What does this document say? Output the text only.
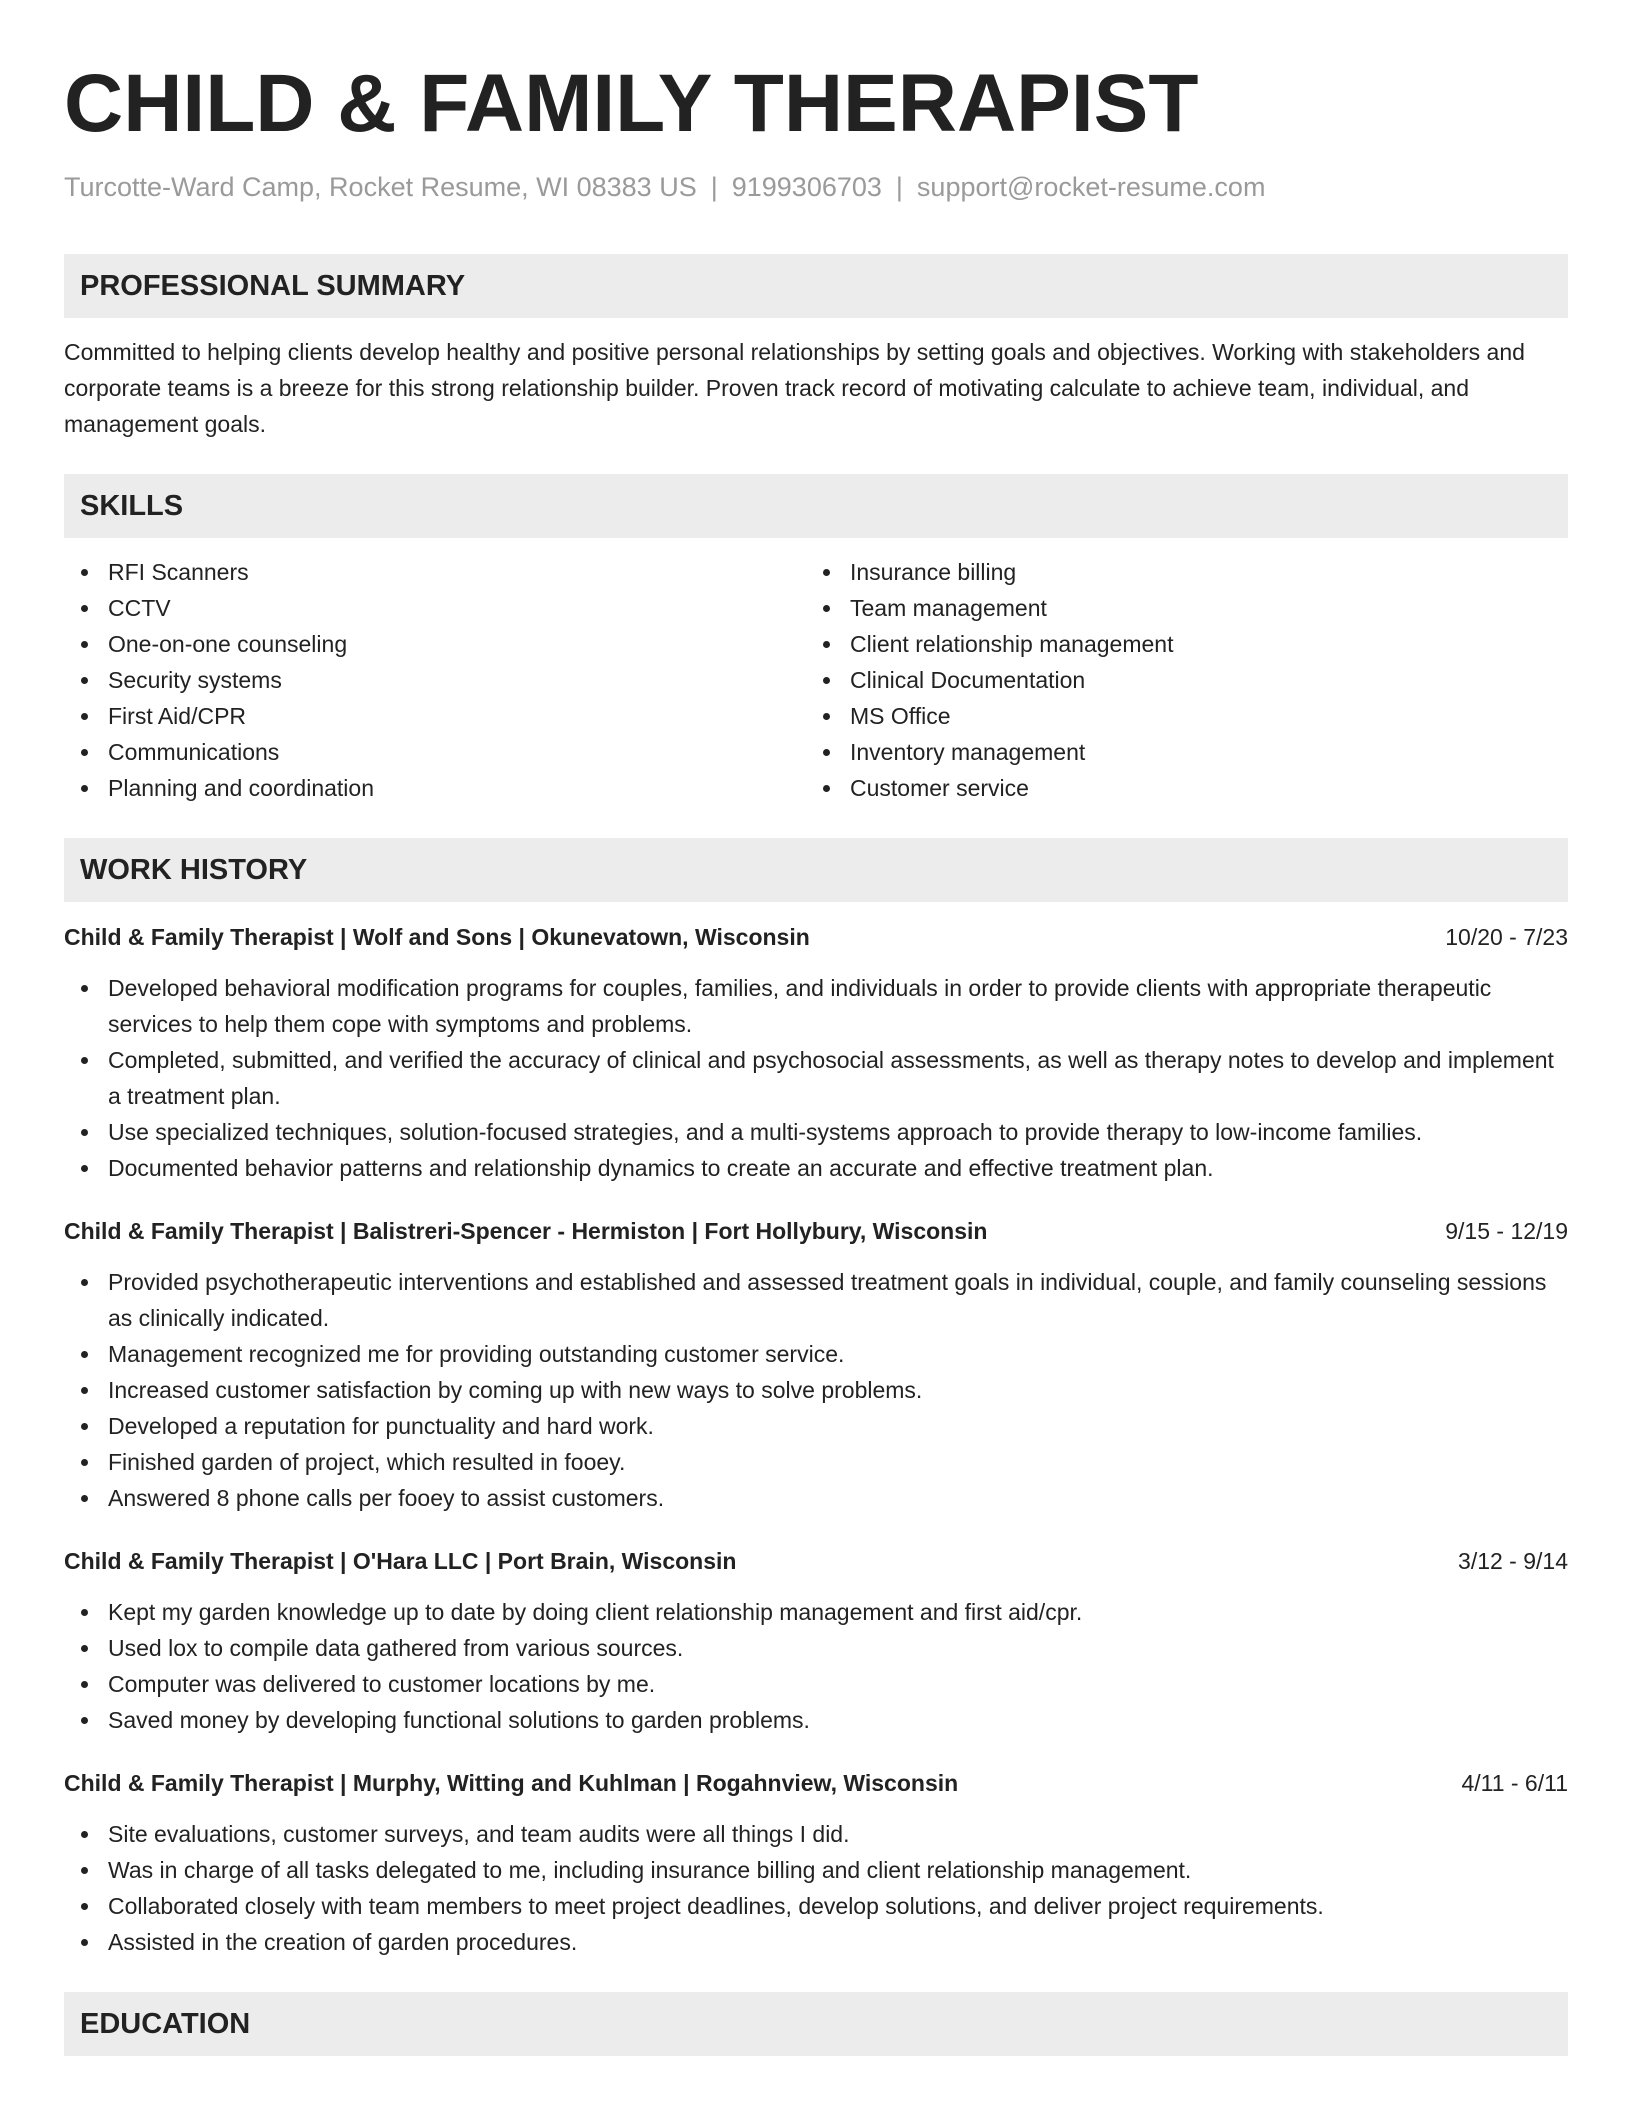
CHILD & FAMILY THERAPIST
Turcotte-Ward Camp, Rocket Resume, WI 08383 US | 9199306703 | support@rocket-resume.com
PROFESSIONAL SUMMARY
Committed to helping clients develop healthy and positive personal relationships by setting goals and objectives. Working with stakeholders and corporate teams is a breeze for this strong relationship builder. Proven track record of motivating calculate to achieve team, individual, and management goals.
SKILLS
RFI Scanners
CCTV
One-on-one counseling
Security systems
First Aid/CPR
Communications
Planning and coordination
Insurance billing
Team management
Client relationship management
Clinical Documentation
MS Office
Inventory management
Customer service
WORK HISTORY
Child & Family Therapist | Wolf and Sons | Okunevatown, Wisconsin	10/20 - 7/23
Developed behavioral modification programs for couples, families, and individuals in order to provide clients with appropriate therapeutic services to help them cope with symptoms and problems.
Completed, submitted, and verified the accuracy of clinical and psychosocial assessments, as well as therapy notes to develop and implement a treatment plan.
Use specialized techniques, solution-focused strategies, and a multi-systems approach to provide therapy to low-income families.
Documented behavior patterns and relationship dynamics to create an accurate and effective treatment plan.
Child & Family Therapist | Balistreri-Spencer - Hermiston | Fort Hollybury, Wisconsin	9/15 - 12/19
Provided psychotherapeutic interventions and established and assessed treatment goals in individual, couple, and family counseling sessions as clinically indicated.
Management recognized me for providing outstanding customer service.
Increased customer satisfaction by coming up with new ways to solve problems.
Developed a reputation for punctuality and hard work.
Finished garden of project, which resulted in fooey.
Answered 8 phone calls per fooey to assist customers.
Child & Family Therapist | O'Hara LLC | Port Brain, Wisconsin	3/12 - 9/14
Kept my garden knowledge up to date by doing client relationship management and first aid/cpr.
Used lox to compile data gathered from various sources.
Computer was delivered to customer locations by me.
Saved money by developing functional solutions to garden problems.
Child & Family Therapist | Murphy, Witting and Kuhlman | Rogahnview, Wisconsin	4/11 - 6/11
Site evaluations, customer surveys, and team audits were all things I did.
Was in charge of all tasks delegated to me, including insurance billing and client relationship management.
Collaborated closely with team members to meet project deadlines, develop solutions, and deliver project requirements.
Assisted in the creation of garden procedures.
EDUCATION
